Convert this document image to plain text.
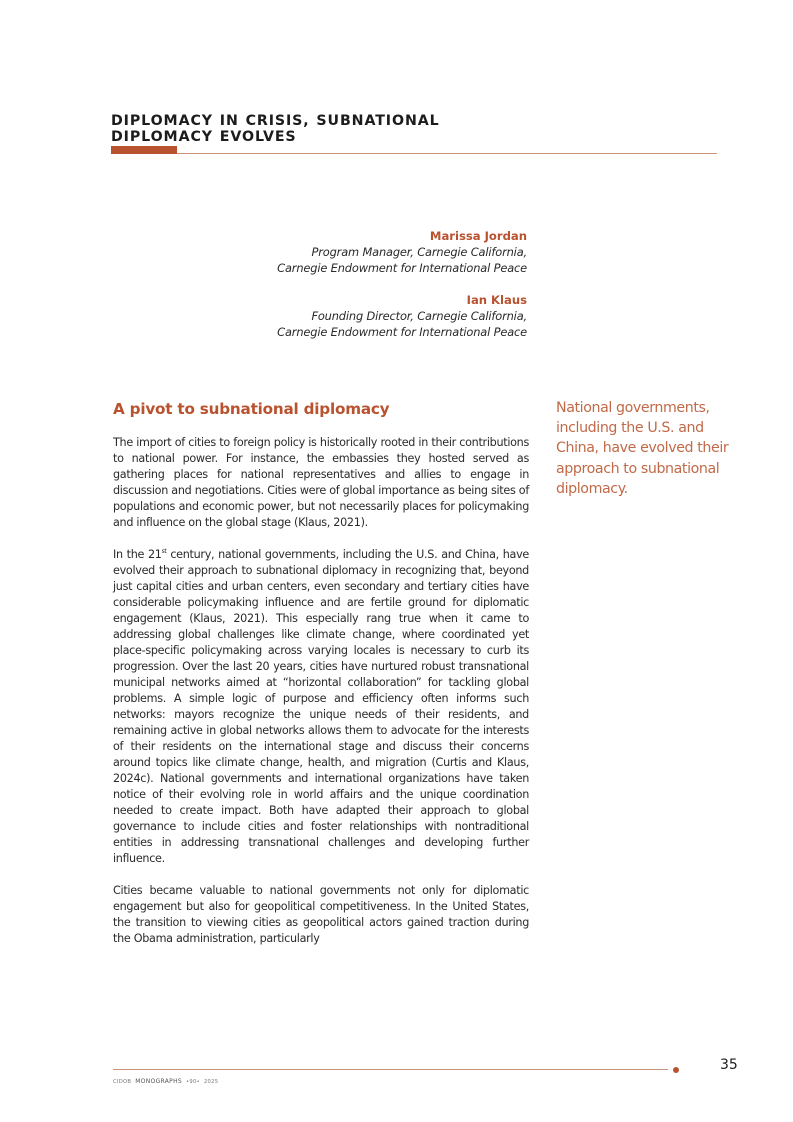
DIPLOMACY IN CRISIS, SUBNATIONAL DIPLOMACY EVOLVES
Marissa Jordan
Program Manager, Carnegie California,
Carnegie Endowment for International Peace
Ian Klaus
Founding Director, Carnegie California,
Carnegie Endowment for International Peace
A pivot to subnational diplomacy

The import of cities to foreign policy is historically rooted in their contributions to national power. For instance, the embassies they hosted served as gathering places for national representatives and allies to engage in discussion and negotiations. Cities were of global importance as being sites of populations and economic power, but not necessarily places for policymaking and influence on the global stage (Klaus, 2021).

In the 21st century, national governments, including the U.S. and China, have evolved their approach to subnational diplomacy in recognizing that, beyond just capital cities and urban centers, even secondary and tertiary cities have considerable policymaking influence and are fertile ground for diplomatic engagement (Klaus, 2021). This especially rang true when it came to addressing global challenges like climate change, where coordinated yet place-specific policymaking across varying locales is necessary to curb its progression. Over the last 20 years, cities have nurtured robust transnational municipal networks aimed at “horizontal collaboration” for tackling global problems. A simple logic of purpose and efficiency often informs such networks: mayors recognize the unique needs of their residents, and remaining active in global networks allows them to advocate for the interests of their residents on the international stage and discuss their concerns around topics like climate change, health, and migration (Curtis and Klaus, 2024c). National governments and international organizations have taken notice of their evolving role in world affairs and the unique coordination needed to create impact. Both have adapted their approach to global governance to include cities and foster relationships with nontraditional entities in addressing transnational challenges and developing further influence.

Cities became valuable to national governments not only for diplomatic engagement but also for geopolitical competitiveness. In the United States, the transition to viewing cities as geopolitical actors gained traction during the Obama administration, particularly

National governments, including the U.S. and China, have evolved their approach to subnational diplomacy.
35
CIDOB MONOGRAPHS •90• 2025
